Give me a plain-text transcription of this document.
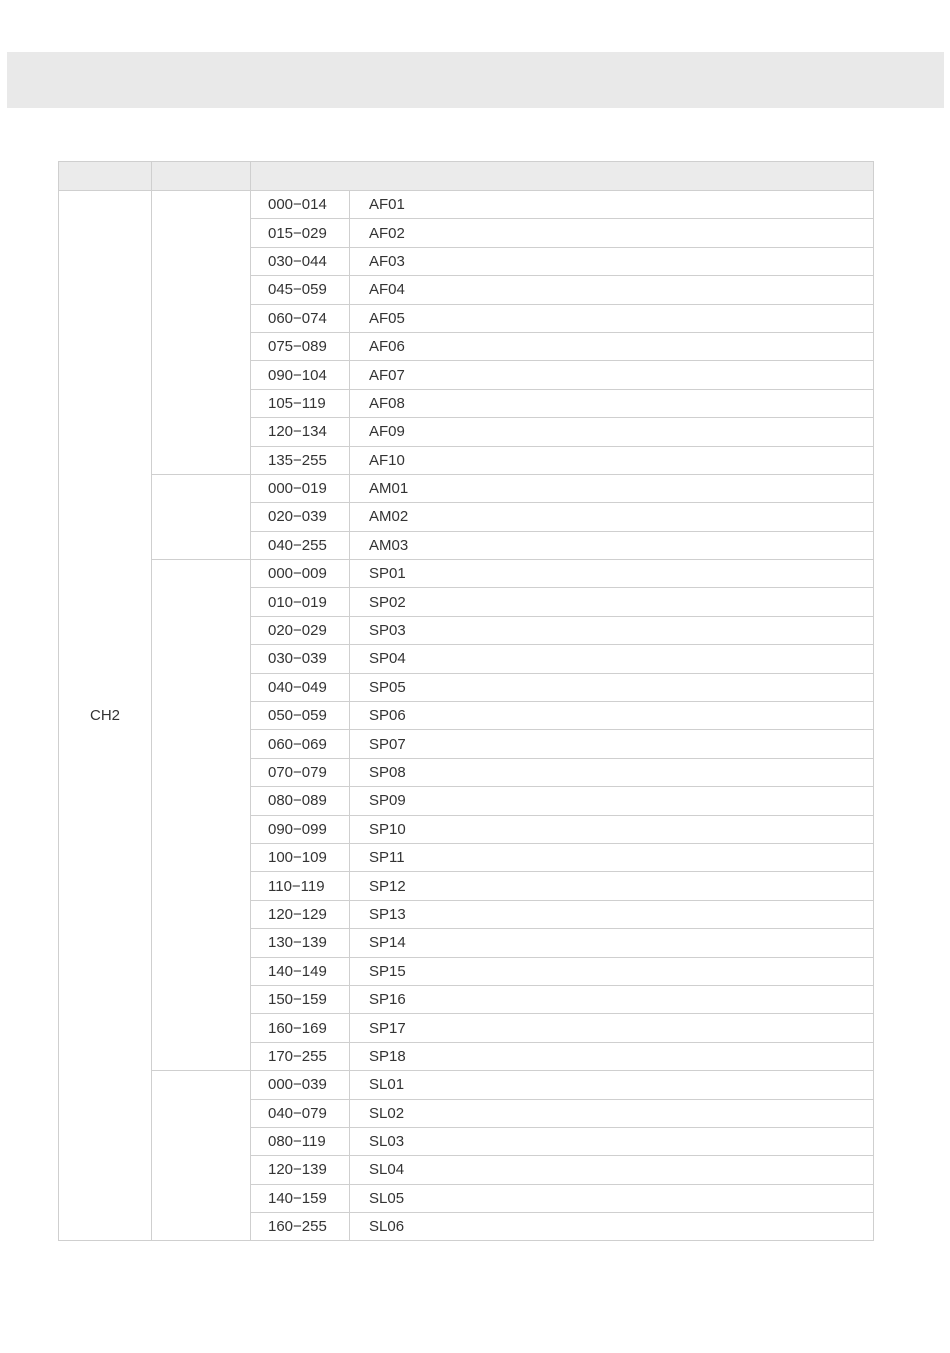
CH2		000−014	AF01
		015−029	AF02
		030−044	AF03
		045−059	AF04
		060−074	AF05
		075−089	AF06
		090−104	AF07
		105−119	AF08
		120−134	AF09
		135−255	AF10
		000−019	AM01
		020−039	AM02
		040−255	AM03
		000−009	SP01
		010−019	SP02
		020−029	SP03
		030−039	SP04
		040−049	SP05
		050−059	SP06
		060−069	SP07
		070−079	SP08
		080−089	SP09
		090−099	SP10
		100−109	SP11
		110−119	SP12
		120−129	SP13
		130−139	SP14
		140−149	SP15
		150−159	SP16
		160−169	SP17
		170−255	SP18
		000−039	SL01
		040−079	SL02
		080−119	SL03
		120−139	SL04
		140−159	SL05
		160−255	SL06
